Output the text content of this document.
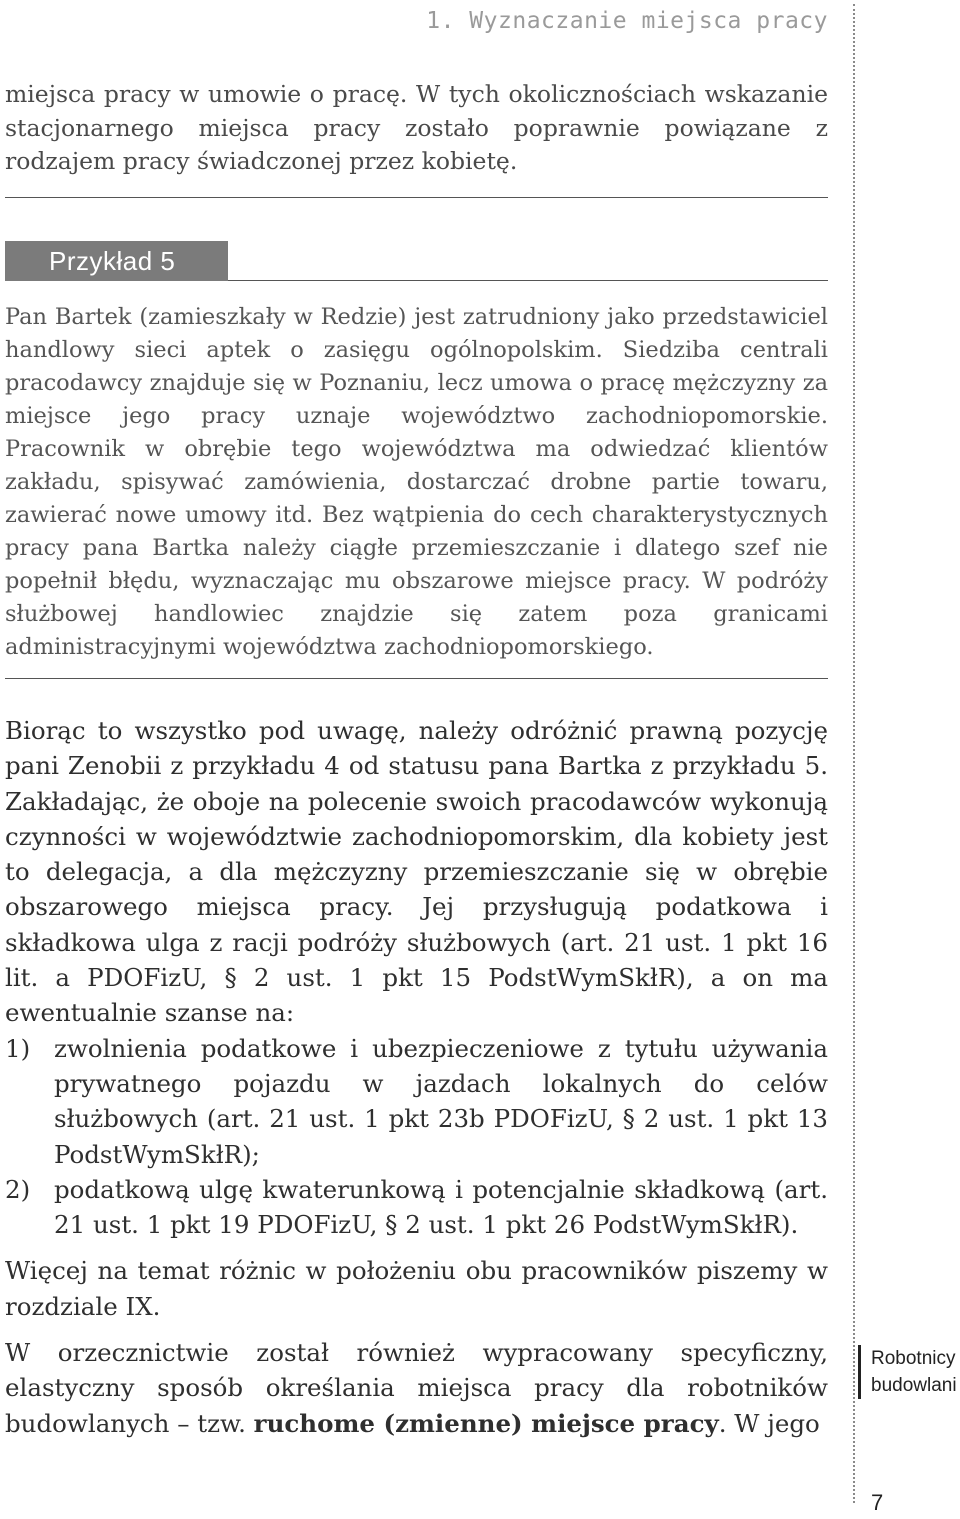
1. Wyznaczanie miejsca pracy
miejsca pracy w umowie o pracę. W tych okolicznościach wskazanie stacjonarnego miejsca pracy zostało poprawnie powiązane z rodzajem pracy świadczonej przez kobietę.
Przykład 5
Pan Bartek (zamieszkały w Redzie) jest zatrudniony jako przedstawiciel handlowy sieci aptek o zasięgu ogólnopolskim. Siedziba centrali pracodawcy znajduje się w Poznaniu, lecz umowa o pracę mężczyzny za miejsce jego pracy uznaje województwo zachodniopomorskie. Pracownik w obrębie tego województwa ma odwiedzać klientów zakładu, spisywać zamówienia, dostarczać drobne partie towaru, zawierać nowe umowy itd. Bez wątpienia do cech charakterystycznych pracy pana Bartka należy ciągłe przemieszczanie i dlatego szef nie popełnił błędu, wyznaczając mu obszarowe miejsce pracy. W podróży służbowej handlowiec znajdzie się zatem poza granicami administracyjnymi województwa zachodniopomorskiego.

Biorąc to wszystko pod uwagę, należy odróżnić prawną pozycję pani Zenobii z przykładu 4 od statusu pana Bartka z przykładu 5. Zakładając, że oboje na polecenie swoich pracodawców wykonują czynności w województwie zachodniopomorskim, dla kobiety jest to delegacja, a dla mężczyzny przemieszczanie się w obrębie obszarowego miejsca pracy. Jej przysługują podatkowa i składkowa ulga z racji podróży służbowych (art. 21 ust. 1 pkt 16 lit. a PDOFizU, § 2 ust. 1 pkt 15 PodstWymSkłR), a on ma ewentualnie szanse na:

1) zwolnienia podatkowe i ubezpieczeniowe z tytułu używania prywatnego pojazdu w jazdach lokalnych do celów służbowych (art. 21 ust. 1 pkt 23b PDOFizU, § 2 ust. 1 pkt 13 PodstWymSkłR);
2) podatkową ulgę kwaterunkową i potencjalnie składkową (art. 21 ust. 1 pkt 19 PDOFizU, § 2 ust. 1 pkt 26 PodstWymSkłR).

Więcej na temat różnic w położeniu obu pracowników piszemy w rozdziale IX.

W orzecznictwie został również wypracowany specyficzny, elastyczny sposób określania miejsca pracy dla robotników budowlanych – tzw. ruchome (zmienne) miejsce pracy. W jego

Robotnicy
budowlani
7
